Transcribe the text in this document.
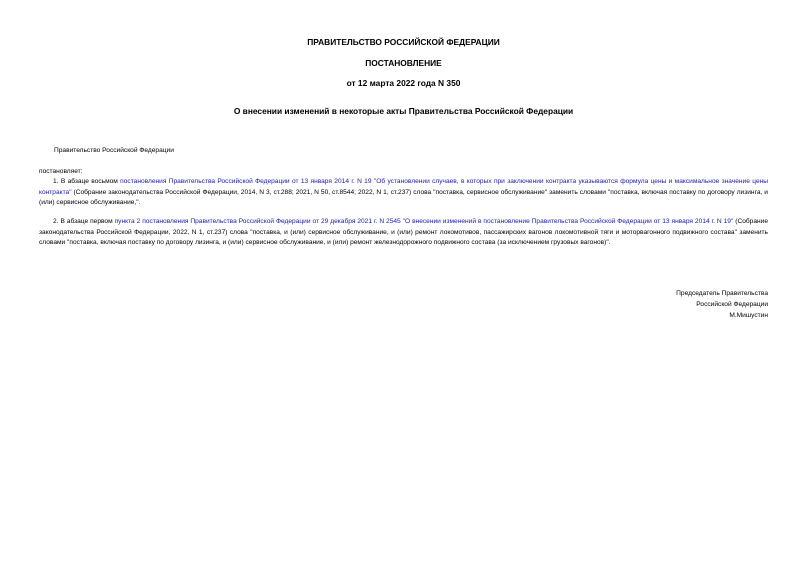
ПРАВИТЕЛЬСТВО РОССИЙСКОЙ ФЕДЕРАЦИИ
ПОСТАНОВЛЕНИЕ
от 12 марта 2022 года N 350
О внесении изменений в некоторые акты Правительства Российской Федерации
Правительство Российской Федерации
постановляет:
1. В абзаце восьмом постановления Правительства Российской Федерации от 13 января 2014 г. N 19 "Об установлении случаев, в которых при заключении контракта указываются формула цены и максимальное значение цены контракта" (Собрание законодательства Российской Федерации, 2014, N 3, ст.288; 2021, N 50, ст.8544; 2022, N 1, ст.237) слова "поставка, сервисное обслуживание" заменить словами "поставка, включая поставку по договору лизинга, и (или) сервисное обслуживание,".
2. В абзаце первом пункта 2 постановления Правительства Российской Федерации от 29 декабря 2021 г. N 2545 "О внесении изменений в постановление Правительства Российской Федерации от 13 января 2014 г. N 19" (Собрание законодательства Российской Федерации, 2022, N 1, ст.237) слова "поставка, и (или) сервисное обслуживание, и (или) ремонт локомотивов, пассажирских вагонов локомотивной тяги и моторвагонного подвижного состава" заменить словами "поставка, включая поставку по договору лизинга, и (или) сервисное обслуживание, и (или) ремонт железнодорожного подвижного состава (за исключением грузовых вагонов)".
Председатель Правительства
Российской Федерации
М.Мишустин
